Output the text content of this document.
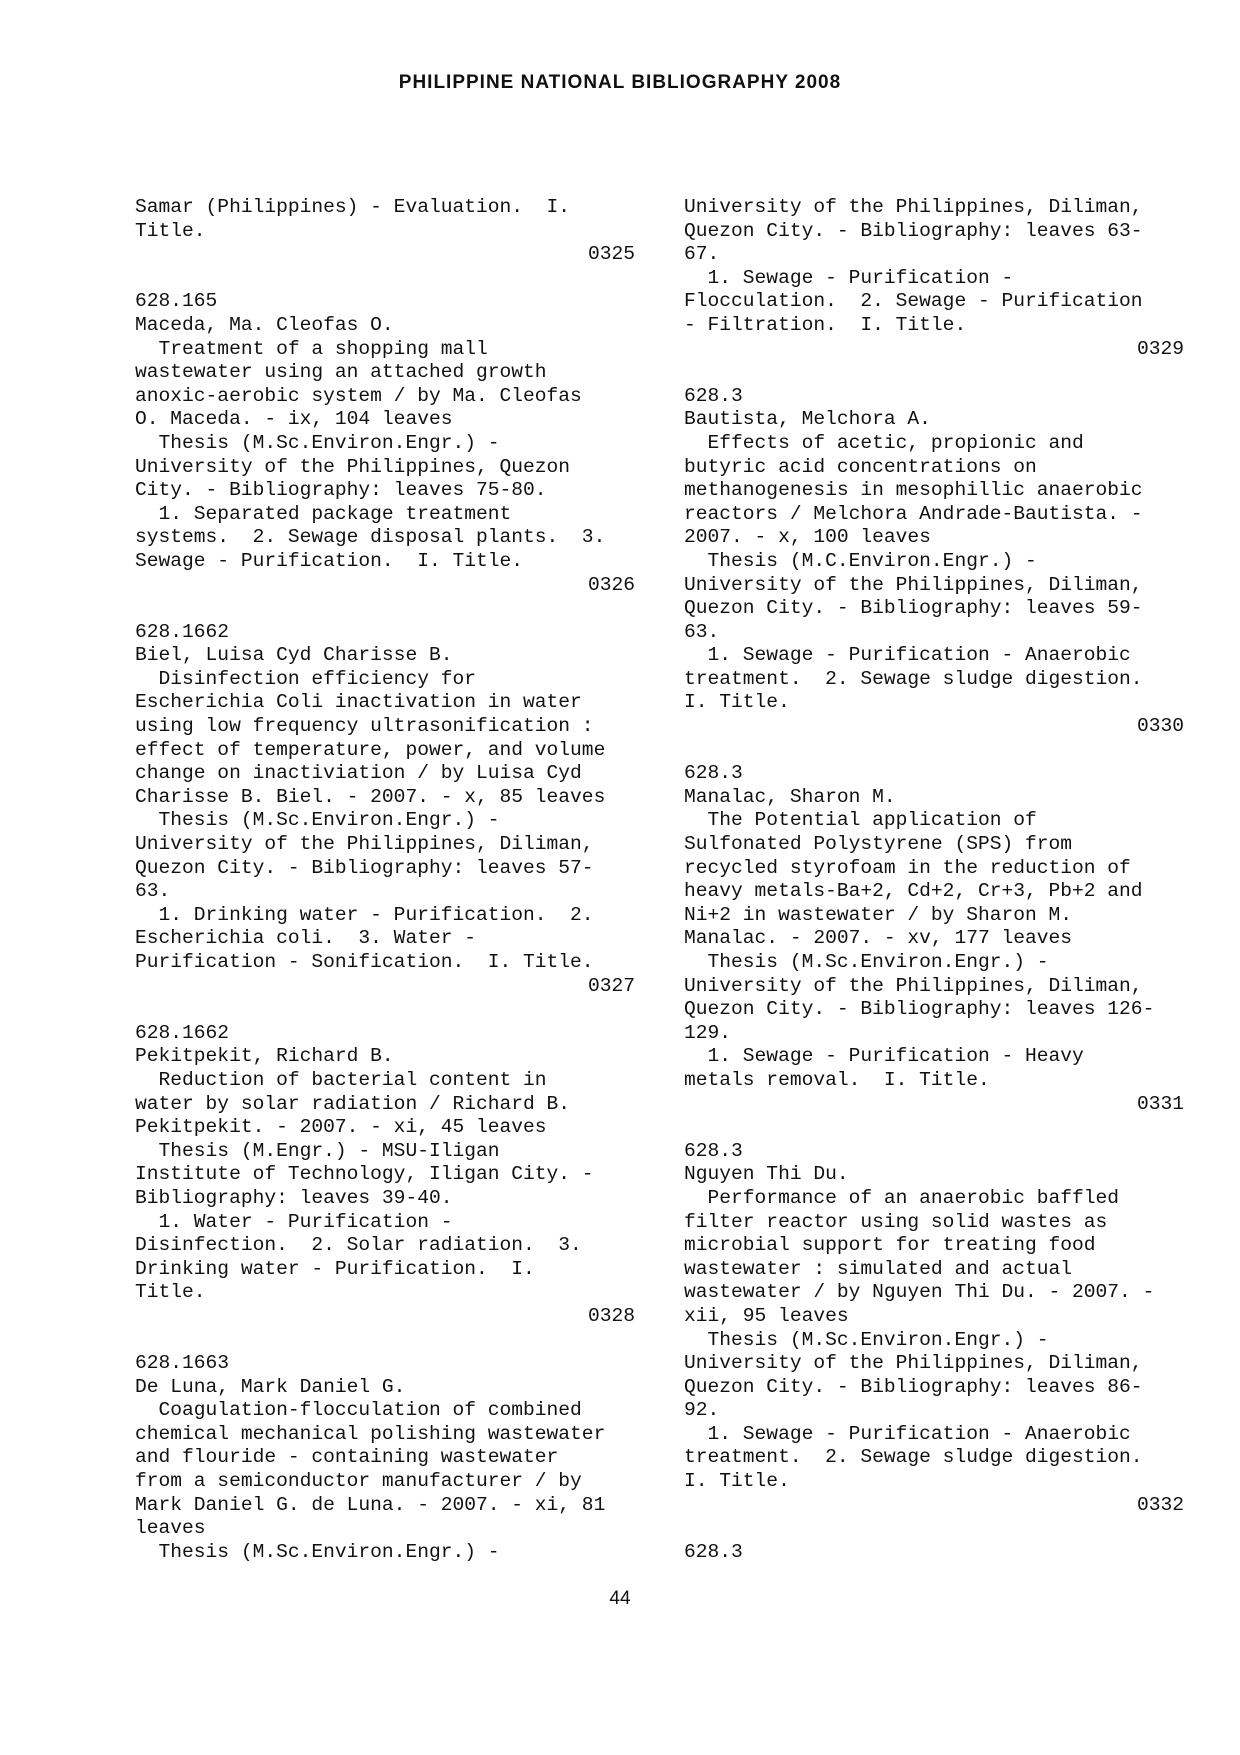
PHILIPPINE NATIONAL BIBLIOGRAPHY 2008
Samar (Philippines) - Evaluation.  I.
Title.
0325
628.165
Maceda, Ma. Cleofas O.
Treatment of a shopping mall
wastewater using an attached growth
anoxic-aerobic system / by Ma. Cleofas
O. Maceda. - ix, 104 leaves
Thesis (M.Sc.Environ.Engr.) -
University of the Philippines, Quezon
City. - Bibliography: leaves 75-80.
1. Separated package treatment
systems.  2. Sewage disposal plants.  3.
Sewage - Purification.  I. Title.
0326
628.1662
Biel, Luisa Cyd Charisse B.
Disinfection efficiency for
Escherichia Coli inactivation in water
using low frequency ultrasonification :
effect of temperature, power, and volume
change on inactiviation / by Luisa Cyd
Charisse B. Biel. - 2007. - x, 85 leaves
Thesis (M.Sc.Environ.Engr.) -
University of the Philippines, Diliman,
Quezon City. - Bibliography: leaves 57-
63.
1. Drinking water - Purification.  2.
Escherichia coli.  3. Water -
Purification - Sonification.  I. Title.
0327
628.1662
Pekitpekit, Richard B.
Reduction of bacterial content in
water by solar radiation / Richard B.
Pekitpekit. - 2007. - xi, 45 leaves
Thesis (M.Engr.) - MSU-Iligan
Institute of Technology, Iligan City. -
Bibliography: leaves 39-40.
1. Water - Purification -
Disinfection.  2. Solar radiation.  3.
Drinking water - Purification.  I.
Title.
0328
628.1663
De Luna, Mark Daniel G.
Coagulation-flocculation of combined
chemical mechanical polishing wastewater
and flouride - containing wastewater
from a semiconductor manufacturer / by
Mark Daniel G. de Luna. - 2007. - xi, 81
leaves
Thesis (M.Sc.Environ.Engr.) -
University of the Philippines, Diliman,
Quezon City. - Bibliography: leaves 63-
67.
1. Sewage - Purification -
Flocculation.  2. Sewage - Purification
- Filtration.  I. Title.
0329
628.3
Bautista, Melchora A.
Effects of acetic, propionic and
butyric acid concentrations on
methanogenesis in mesophillic anaerobic
reactors / Melchora Andrade-Bautista. -
2007. - x, 100 leaves
Thesis (M.C.Environ.Engr.) -
University of the Philippines, Diliman,
Quezon City. - Bibliography: leaves 59-
63.
1. Sewage - Purification - Anaerobic
treatment.  2. Sewage sludge digestion.
I. Title.
0330
628.3
Manalac, Sharon M.
The Potential application of
Sulfonated Polystyrene (SPS) from
recycled styrofoam in the reduction of
heavy metals-Ba+2, Cd+2, Cr+3, Pb+2 and
Ni+2 in wastewater / by Sharon M.
Manalac. - 2007. - xv, 177 leaves
Thesis (M.Sc.Environ.Engr.) -
University of the Philippines, Diliman,
Quezon City. - Bibliography: leaves 126-
129.
1. Sewage - Purification - Heavy
metals removal.  I. Title.
0331
628.3
Nguyen Thi Du.
Performance of an anaerobic baffled
filter reactor using solid wastes as
microbial support for treating food
wastewater : simulated and actual
wastewater / by Nguyen Thi Du. - 2007. -
xii, 95 leaves
Thesis (M.Sc.Environ.Engr.) -
University of the Philippines, Diliman,
Quezon City. - Bibliography: leaves 86-
92.
1. Sewage - Purification - Anaerobic
treatment.  2. Sewage sludge digestion.
I. Title.
0332
628.3
44
